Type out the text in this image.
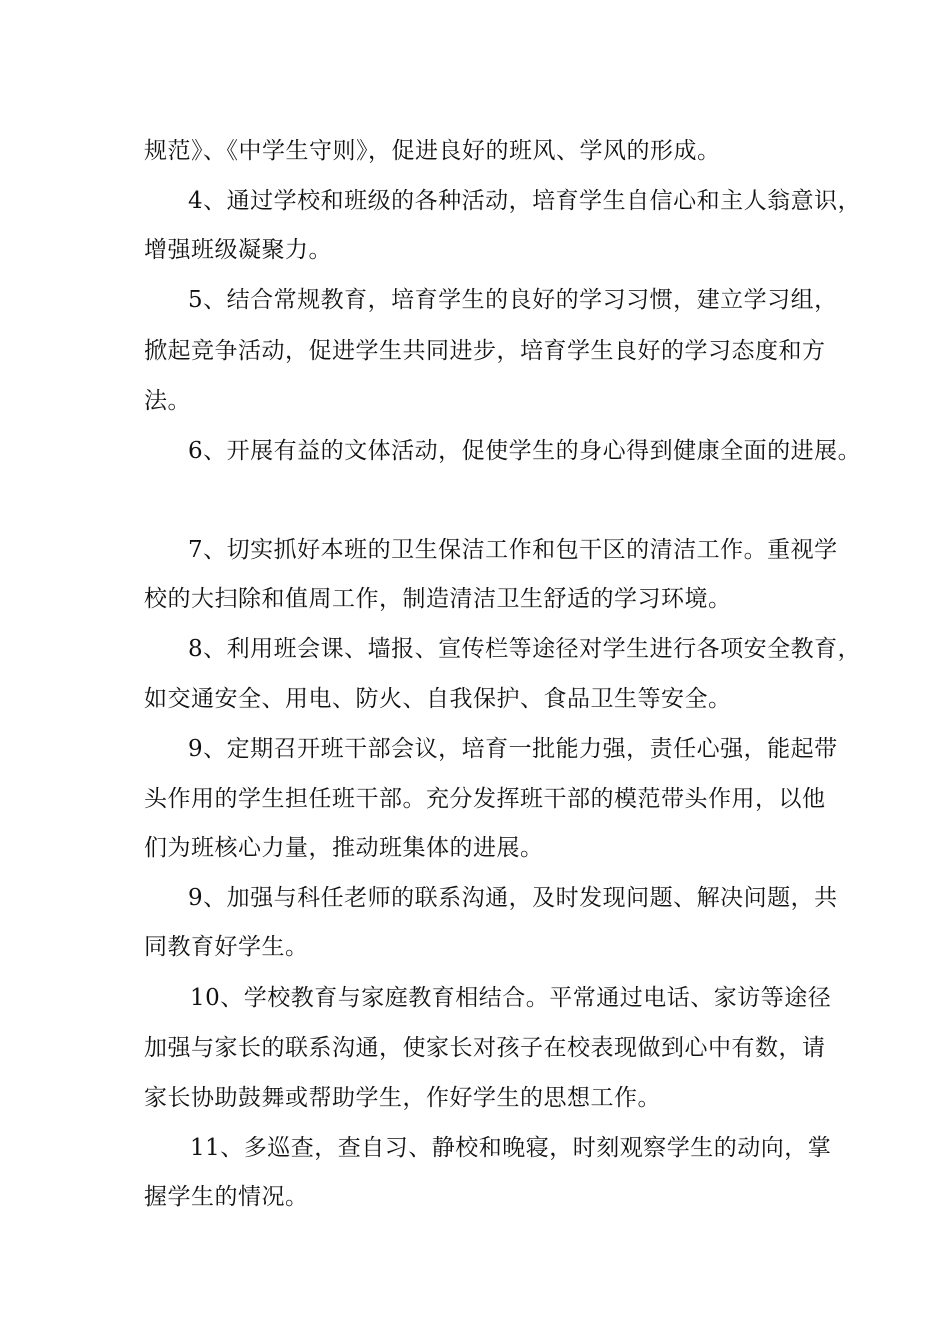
规范》、《中学生守则》，促进良好的班风、学风的形成。
4、通过学校和班级的各种活动，培育学生自信心和主人翁意识，
增强班级凝聚力。
5、结合常规教育，培育学生的良好的学习习惯，建立学习组，
掀起竞争活动，促进学生共同进步，培育学生良好的学习态度和方
法。
6、开展有益的文体活动，促使学生的身心得到健康全面的进展。
7、切实抓好本班的卫生保洁工作和包干区的清洁工作。重视学
校的大扫除和值周工作，制造清洁卫生舒适的学习环境。
8、利用班会课、墙报、宣传栏等途径对学生进行各项安全教育，
如交通安全、用电、防火、自我保护、食品卫生等安全。
9、定期召开班干部会议，培育一批能力强，责任心强，能起带
头作用的学生担任班干部。充分发挥班干部的模范带头作用，以他
们为班核心力量，推动班集体的进展。
9、加强与科任老师的联系沟通，及时发现问题、解决问题，共
同教育好学生。
10、学校教育与家庭教育相结合。平常通过电话、家访等途径
加强与家长的联系沟通，使家长对孩子在校表现做到心中有数，请
家长协助鼓舞或帮助学生，作好学生的思想工作。
11、多巡查，查自习、静校和晚寝，时刻观察学生的动向，掌
握学生的情况。
